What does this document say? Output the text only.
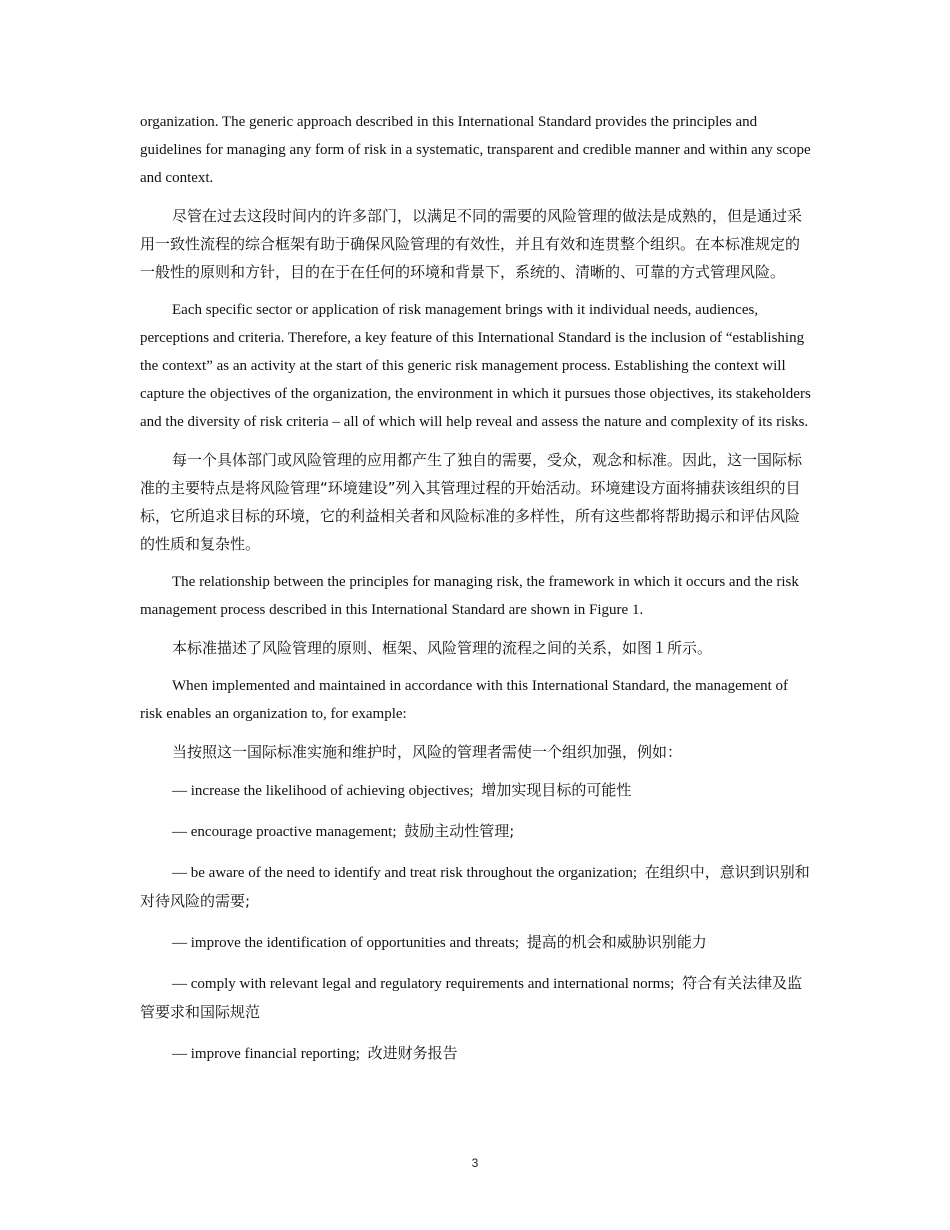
organization. The generic approach described in this International Standard provides the principles and guidelines for managing any form of risk in a systematic, transparent and credible manner and within any scope and context.

尽管在过去这段时间内的许多部门，以满足不同的需要的风险管理的做法是成熟的，但是通过采用一致性流程的综合框架有助于确保风险管理的有效性，并且有效和连贯整个组织。在本标准规定的一般性的原则和方针，目的在于在任何的环境和背景下，系统的、清晰的、可靠的方式管理风险。

Each specific sector or application of risk management brings with it individual needs, audiences, perceptions and criteria. Therefore, a key feature of this International Standard is the inclusion of “establishing the context” as an activity at the start of this generic risk management process. Establishing the context will capture the objectives of the organization, the environment in which it pursues those objectives, its stakeholders and the diversity of risk criteria – all of which will help reveal and assess the nature and complexity of its risks.

每一个具体部门或风险管理的应用都产生了独自的需要，受众，观念和标准。因此，这一国际标准的主要特点是将风险管理“环境建设”列入其管理过程的开始活动。环境建设方面将捕获该组织的目标，它所追求目标的环境，它的利益相关者和风险标准的多样性，所有这些都将帮助揭示和评估风险的性质和复杂性。

The relationship between the principles for managing risk, the framework in which it occurs and the risk management process described in this International Standard are shown in Figure 1.

本标准描述了风险管理的原则、框架、风险管理的流程之间的关系，如图１所示。

When implemented and maintained in accordance with this International Standard, the management of risk enables an organization to, for example:

当按照这一国际标准实施和维护时，风险的管理者需使一个组织加强，例如：

— increase the likelihood of achieving objectives; 增加实现目标的可能性

— encourage proactive management; 鼓励主动性管理;

— be aware of the need to identify and treat risk throughout the organization; 在组织中，意识到识别和对待风险的需要;

— improve the identification of opportunities and threats; 提高的机会和威胁识别能力

— comply with relevant legal and regulatory requirements and international norms; 符合有关法律及监管要求和国际规范

— improve financial reporting; 改进财务报告

3
